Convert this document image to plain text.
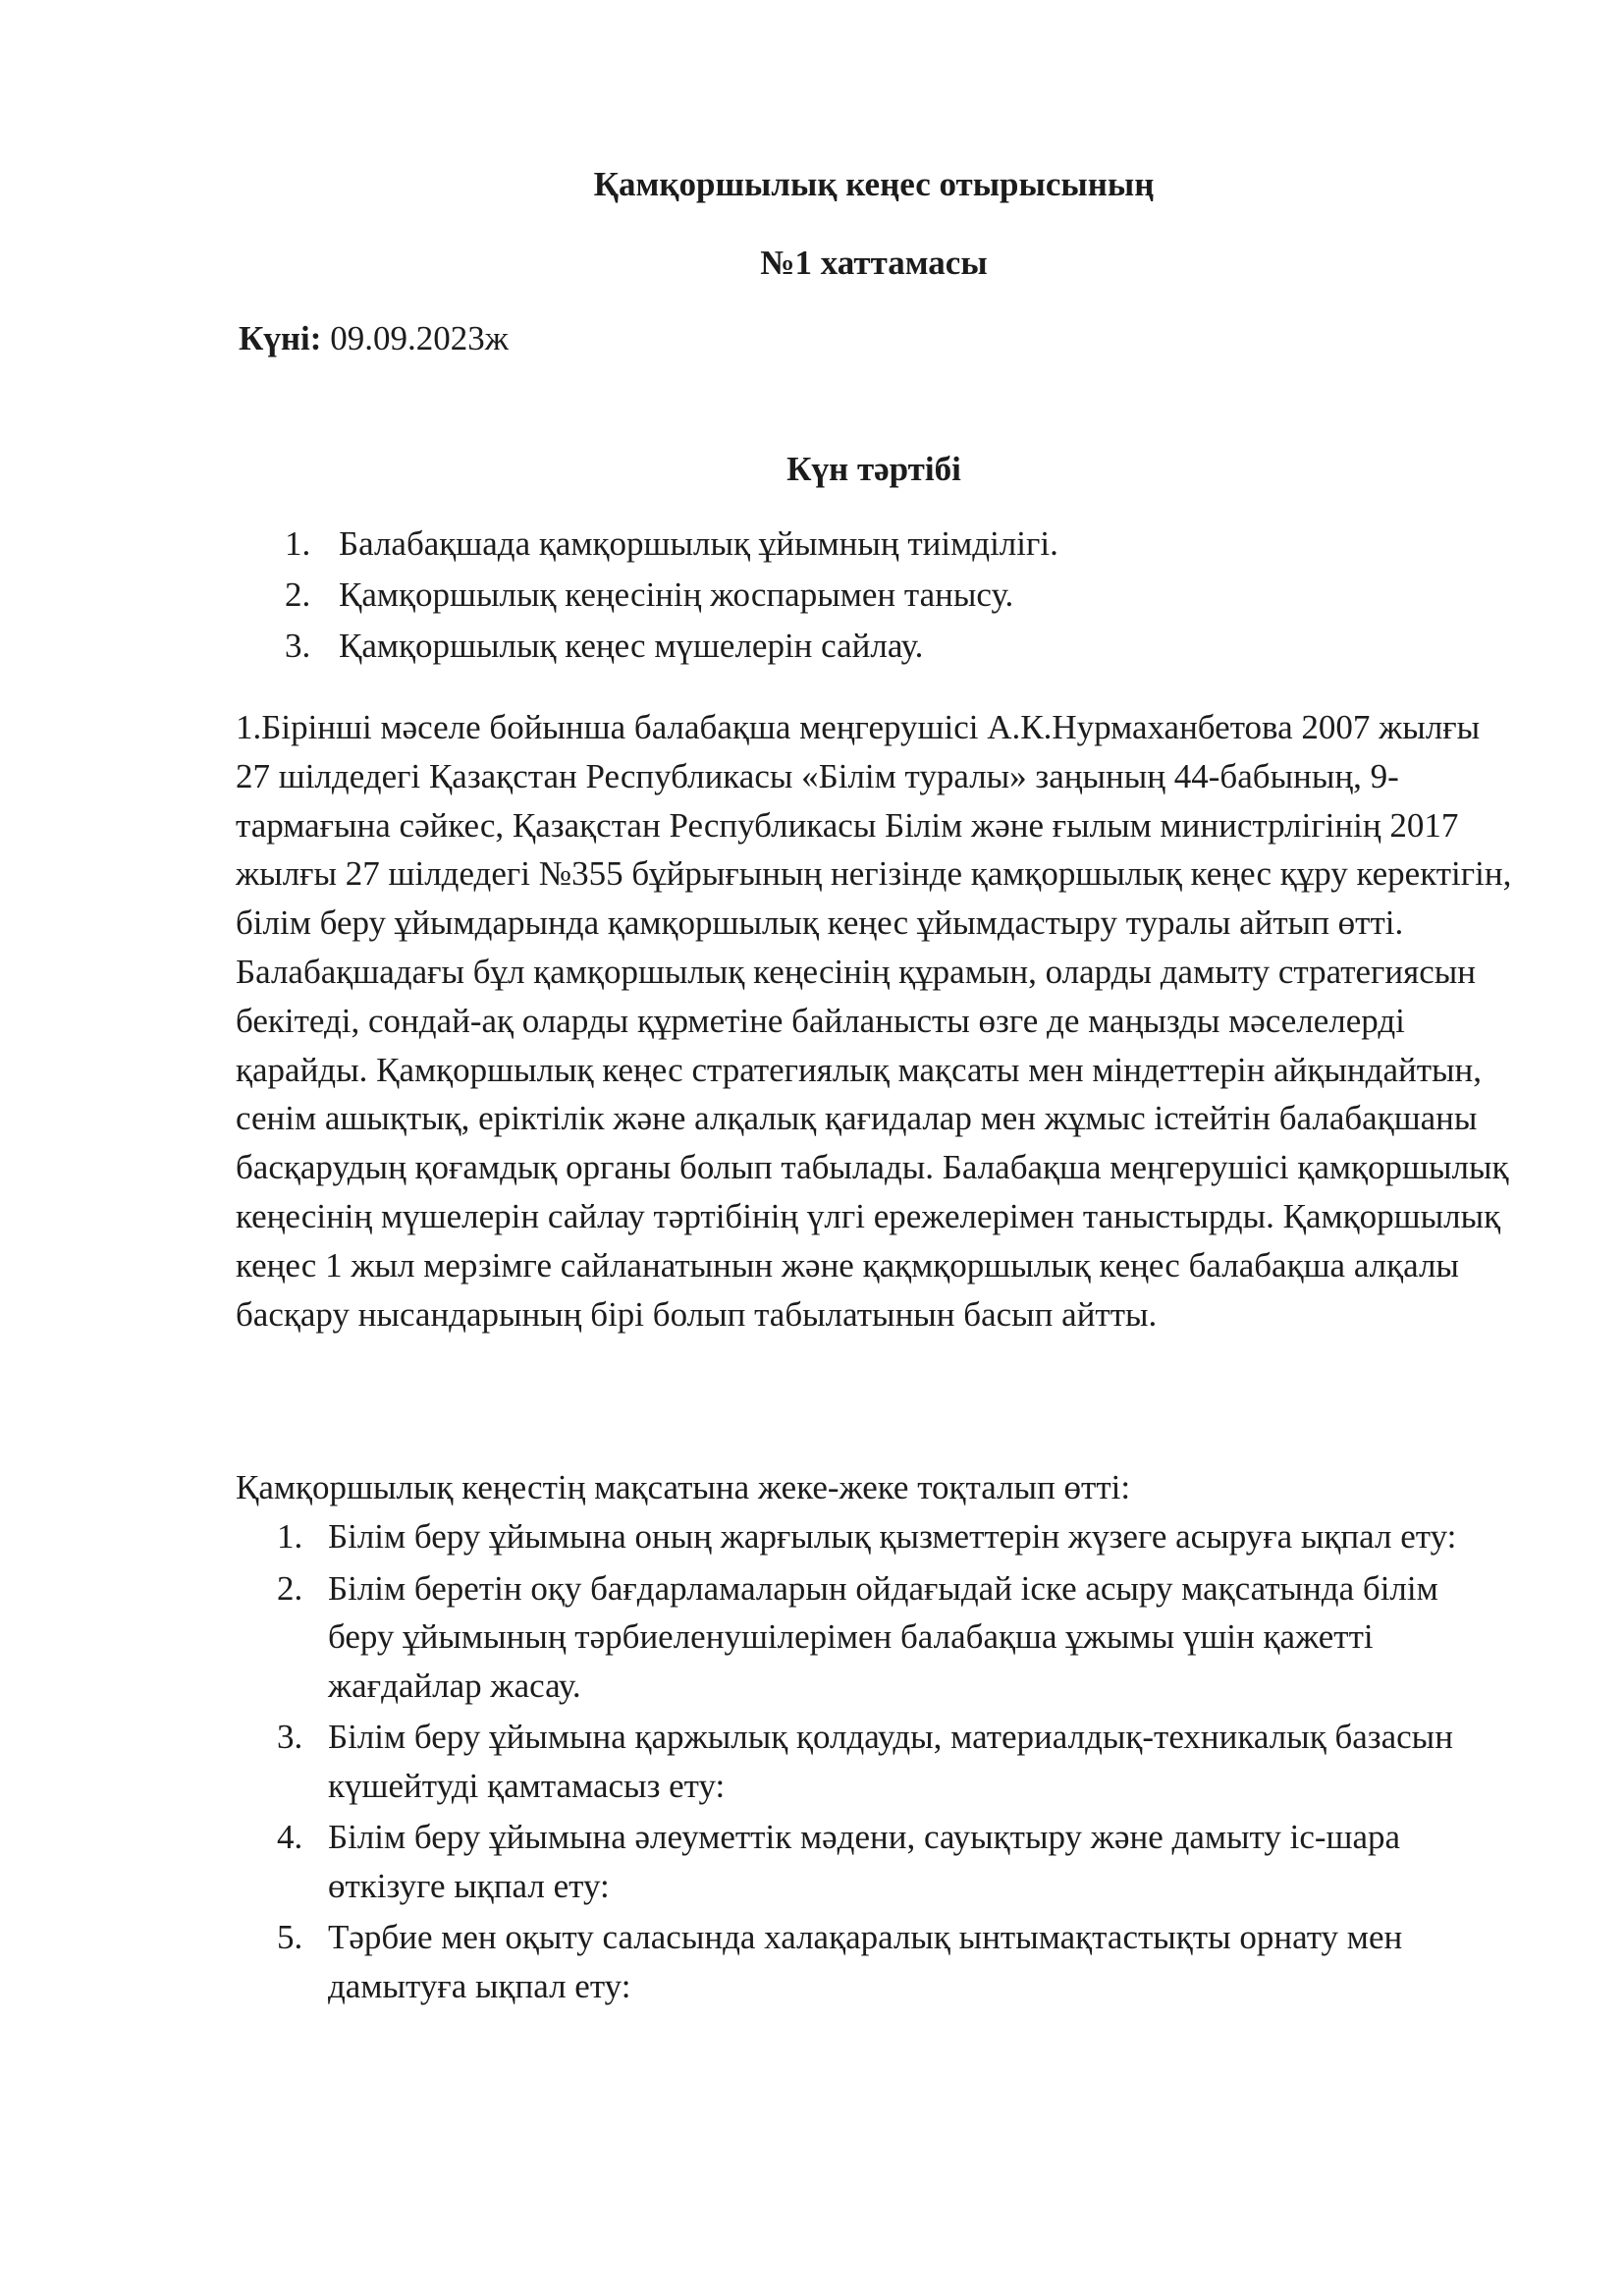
Қамқоршылық кеңес отырысының
№1 хаттамасы
Күні: 09.09.2023ж
Күн тәртібі
1. Балабақшада қамқоршылық ұйымның тиімділігі.
2. Қамқоршылық кеңесінің жоспарымен танысу.
3. Қамқоршылық кеңес мүшелерін сайлау.

1.Бірінші мәселе бойынша балабақша меңгерушісі А.К.Нурмаханбетова 2007 жылғы 27 шілдедегі Қазақстан Республикасы «Білім туралы» заңының 44-бабының, 9-тармағына сәйкес, Қазақстан Республикасы Білім және ғылым министрлігінің 2017 жылғы 27 шілдедегі №355 бұйрығының негізінде қамқоршылық кеңес құру керектігін, білім беру ұйымдарында қамқоршылық кеңес ұйымдастыру туралы айтып өтті. Балабақшадағы бұл қамқоршылық кеңесінің құрамын, оларды дамыту стратегиясын бекітеді, сондай-ақ оларды құрметіне байланысты өзге де маңызды мәселелерді қарайды. Қамқоршылық кеңес стратегиялық мақсаты мен міндеттерін айқындайтын, сенім ашықтық, еріктілік және алқалық қағидалар мен жұмыс істейтін балабақшаны басқарудың қоғамдық органы болып табылады. Балабақша меңгерушісі қамқоршылық кеңесінің мүшелерін сайлау тәртібінің үлгі ережелерімен таныстырды. Қамқоршылық кеңес 1 жыл мерзімге сайланатынын және қақмқоршылық кеңес балабақша алқалы басқару нысандарының бірі болып табылатынын басып айтты.

Қамқоршылық кеңестің мақсатына жеке-жеке тоқталып өтті:
1. Білім беру ұйымына оның жарғылық қызметтерін жүзеге асыруға ықпал ету:
2. Білім беретін оқу бағдарламаларын ойдағыдай іске асыру мақсатында білім беру ұйымының тәрбиеленушілерімен балабақша ұжымы үшін қажетті жағдайлар жасау.
3. Білім беру ұйымына қаржылық қолдауды, материалдық-техникалық базасын күшейтуді қамтамасыз ету:
4. Білім беру ұйымына әлеуметтік мәдени, сауықтыру және дамыту іс-шара өткізуге ықпал ету:
5. Тәрбие мен оқыту саласында халақаралық ынтымақтастықты орнату мен дамытуға ықпал ету:
